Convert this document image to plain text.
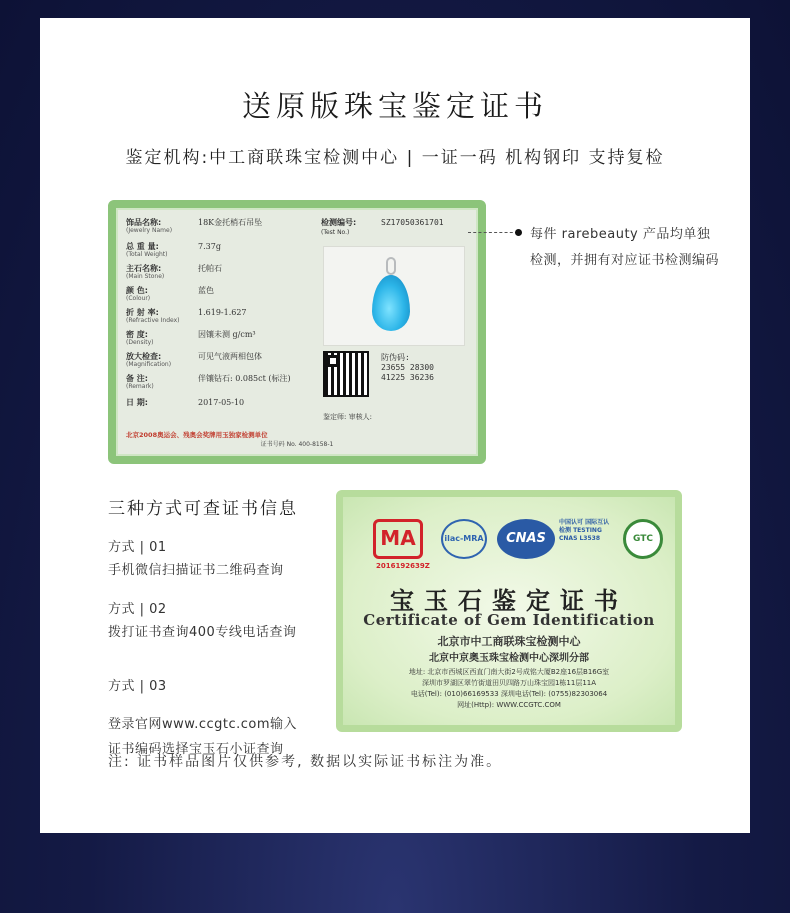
送原版珠宝鉴定证书
鉴定机构:中工商联珠宝检测中心 | 一证一码 机构钢印 支持复检
饰品名称:
(Jewelry Name)
18K金托梢石吊坠
总 重 量:
(Total Weight)
7.37g
主石名称:
(Main Stone)
托帕石
颜 色:
(Colour)
蓝色
折 射 率:
(Refractive Index)
1.619-1.627
密 度:
(Density)
因镶未测 g/cm³
放大检查:
(Magnification)
可见气液两相包体
备 注:
(Remark)
伴镶钻石: 0.085ct (标注)
日 期:	2017-05-10
检测编号:	SZ17050361701
(Test No.)
防伪码:
23655 28300
41225 36236
鉴定师: 审核人:
北京2008奥运会、残奥会奖牌用玉独家检测单位
证书号码 No. 400-8158-1
每件 rarebeauty 产品均单独检测，并拥有对应证书检测编码
三种方式可查证书信息
方式 | 01
手机微信扫描证书二维码查询
方式 | 02
拨打证书查询400专线电话查询

方式 | 03

登录官网www.ccgtc.com输入
证书编码选择宝玉石小证查询

MA
2016192639Z
ilac-MRA	CNAS
中国认可 国际互认 检测 TESTING CNAS L3538	GTC
宝玉石鉴定证书
Certificate of Gem Identification
北京市中工商联珠宝检测中心
北京中京奥玉珠宝检测中心深圳分部
地址: 北京市西城区西直门南大街2号成铭大厦B2座16层B16G室
深圳市罗湖区翠竹街道田贝四路万山珠宝园1栋11层11A
电话(Tel): (010)66169533 深圳电话(Tel): (0755)82303064
网址(Http): WWW.CCGTC.COM
注: 证书样品图片仅供参考, 数据以实际证书标注为准。
